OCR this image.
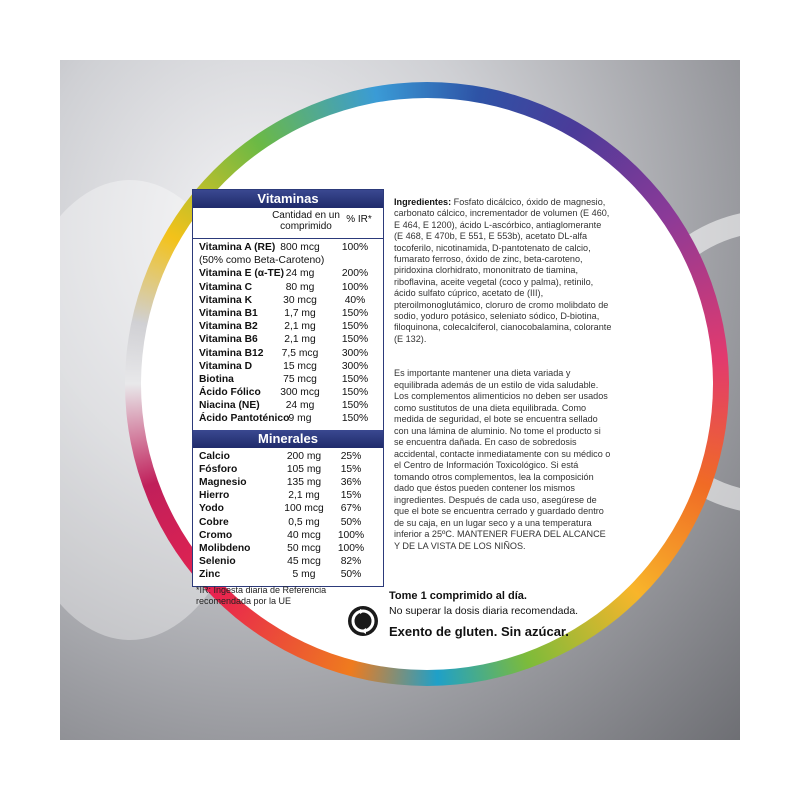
Vitaminas
Cantidad en un comprimido
% IR*
Vitamina A (RE) 800 mcg	100%
(50% como Beta-Caroteno)
Vitamina E (α-TE) 24 mg	200%
Vitamina C	80 mg	100%
Vitamina K	30 mcg	40%
Vitamina B1	1,7 mg	150%
Vitamina B2	2,1 mg	150%
Vitamina B6	2,1 mg	150%
Vitamina B12	7,5 mcg	300%
Vitamina D	15 mcg	300%
Biotina	75 mcg	150%
Ácido Fólico	300 mcg	150%
Niacina (NE)	24 mg	150%
Ácido Pantoténico 9 mg	150%
Minerales
Calcio	200 mg	25%
Fósforo	105 mg	15%
Magnesio	135 mg	36%
Hierro	2,1 mg	15%
Yodo	100 mcg	67%
Cobre	0,5 mg	50%
Cromo	40 mcg	100%
Molibdeno	50 mcg	100%
Selenio	45 mcg	82%
Zinc	5 mg	50%
*IR: Ingesta diaria de Referencia recomendada por la UE
Ingredientes: Fosfato dicálcico, óxido de magnesio, carbonato cálcico, incrementador de volumen (E 460, E 464, E 1200), ácido L-ascórbico, antiaglomerante (E 468, E 470b, E 551, E 553b), acetato DL-alfa tocoferilo, nicotinamida, D-pantotenato de calcio, fumarato ferroso, óxido de zinc, beta-caroteno, piridoxina clorhidrato, mononitrato de tiamina, riboflavina, aceite vegetal (coco y palma), retinilo, ácido sulfato cúprico, acetato de (III), pteroilmonoglutámico, cloruro de cromo molibdato de sodio, yoduro potásico, seleniato sódico, D-biotina, filoquinona, colecalciferol, cianocobalamina, colorante (E 132).
Es importante mantener una dieta variada y equilibrada además de un estilo de vida saludable. Los complementos alimenticios no deben ser usados como sustitutos de una dieta equilibrada. Como medida de seguridad, el bote se encuentra sellado con una lámina de aluminio. No tome el producto si se encuentra dañada. En caso de sobredosis accidental, contacte inmediatamente con su médico o el Centro de Información Toxicológico. Si está tomando otros complementos, lea la composición dado que éstos pueden contener los mismos ingredientes. Después de cada uso, asegúrese de que el bote se encuentra cerrado y guardado dentro de su caja, en un lugar seco y a una temperatura inferior a 25ºC. MANTENER FUERA DEL ALCANCE Y DE LA VISTA DE LOS NIÑOS.
Tome 1 comprimido al día.
No superar la dosis diaria recomendada.
Exento de gluten. Sin azúcar.
